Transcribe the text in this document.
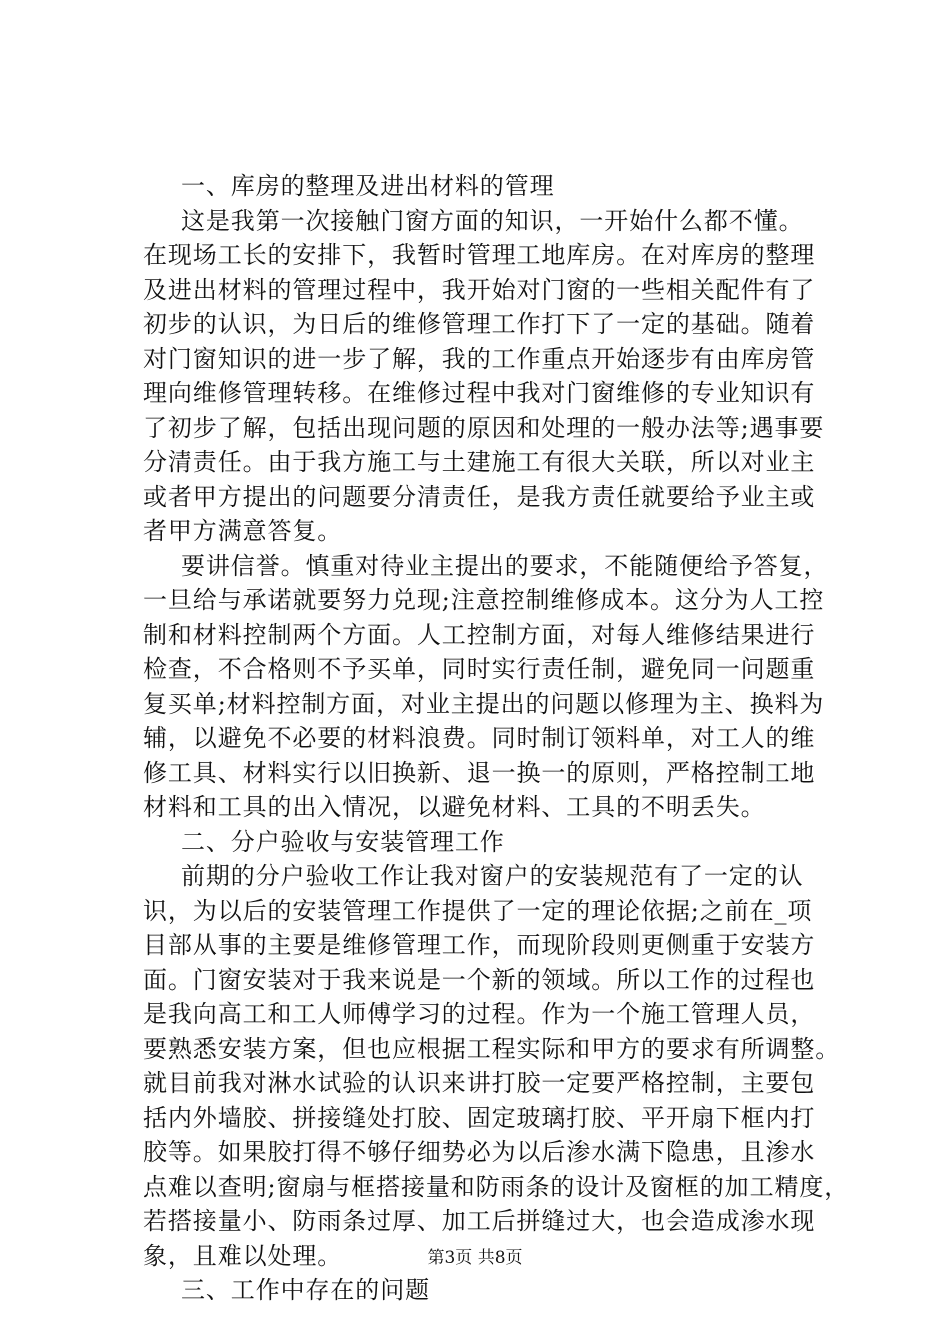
一、库房的整理及进出材料的管理
这是我第一次接触门窗方面的知识，一开始什么都不懂。
在现场工长的安排下，我暂时管理工地库房。在对库房的整理
及进出材料的管理过程中，我开始对门窗的一些相关配件有了
初步的认识，为日后的维修管理工作打下了一定的基础。随着
对门窗知识的进一步了解，我的工作重点开始逐步有由库房管
理向维修管理转移。在维修过程中我对门窗维修的专业知识有
了初步了解，包括出现问题的原因和处理的一般办法等;遇事要
分清责任。由于我方施工与土建施工有很大关联，所以对业主
或者甲方提出的问题要分清责任，是我方责任就要给予业主或
者甲方满意答复。
要讲信誉。慎重对待业主提出的要求，不能随便给予答复，
一旦给与承诺就要努力兑现;注意控制维修成本。这分为人工控
制和材料控制两个方面。人工控制方面，对每人维修结果进行
检查，不合格则不予买单，同时实行责任制，避免同一问题重
复买单;材料控制方面，对业主提出的问题以修理为主、换料为
辅，以避免不必要的材料浪费。同时制订领料单，对工人的维
修工具、材料实行以旧换新、退一换一的原则，严格控制工地
材料和工具的出入情况，以避免材料、工具的不明丢失。
二、分户验收与安装管理工作
前期的分户验收工作让我对窗户的安装规范有了一定的认
识，为以后的安装管理工作提供了一定的理论依据;之前在_项
目部从事的主要是维修管理工作，而现阶段则更侧重于安装方
面。门窗安装对于我来说是一个新的领域。所以工作的过程也
是我向高工和工人师傅学习的过程。作为一个施工管理人员，
要熟悉安装方案，但也应根据工程实际和甲方的要求有所调整。
就目前我对淋水试验的认识来讲打胶一定要严格控制，主要包
括内外墙胶、拼接缝处打胶、固定玻璃打胶、平开扇下框内打
胶等。如果胶打得不够仔细势必为以后渗水满下隐患，且渗水
点难以查明;窗扇与框搭接量和防雨条的设计及窗框的加工精度，
若搭接量小、防雨条过厚、加工后拼缝过大，也会造成渗水现
象，且难以处理。
三、工作中存在的问题
第3页 共8页
